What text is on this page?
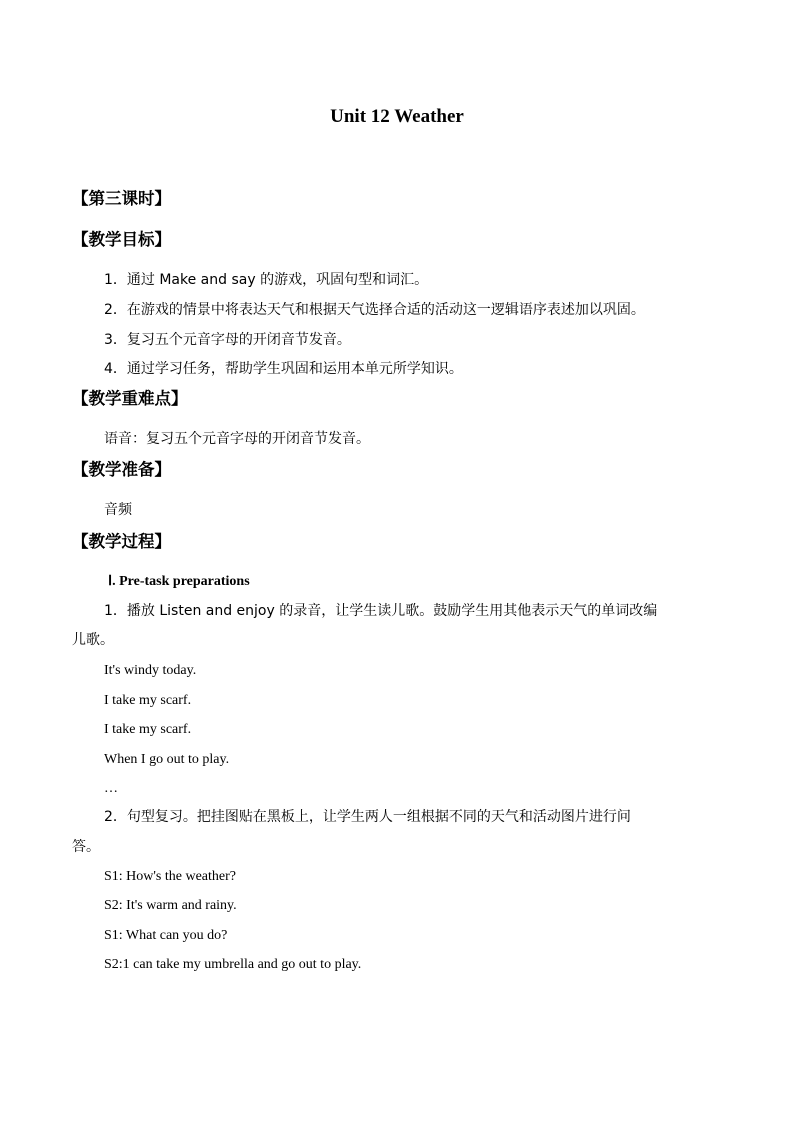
Unit 12 Weather
【第三课时】
【教学目标】
1．通过 Make and say 的游戏，巩固句型和词汇。
2．在游戏的情景中将表达天气和根据天气选择合适的活动这一逻辑语序表述加以巩固。
3．复习五个元音字母的开闭音节发音。
4．通过学习任务，帮助学生巩固和运用本单元所学知识。
【教学重难点】
语音：复习五个元音字母的开闭音节发音。
【教学准备】
音频
【教学过程】
Ⅰ. Pre-task preparations
1．播放 Listen and enjoy 的录音，让学生读儿歌。鼓励学生用其他表示天气的单词改编
儿歌。
It's windy today.
I take my scarf.
I take my scarf.
When I go out to play.
…
2．句型复习。把挂图贴在黑板上，让学生两人一组根据不同的天气和活动图片进行问
答。
S1: How's the weather?
S2: It's warm and rainy.
S1: What can you do?
S2:1 can take my umbrella and go out to play.
